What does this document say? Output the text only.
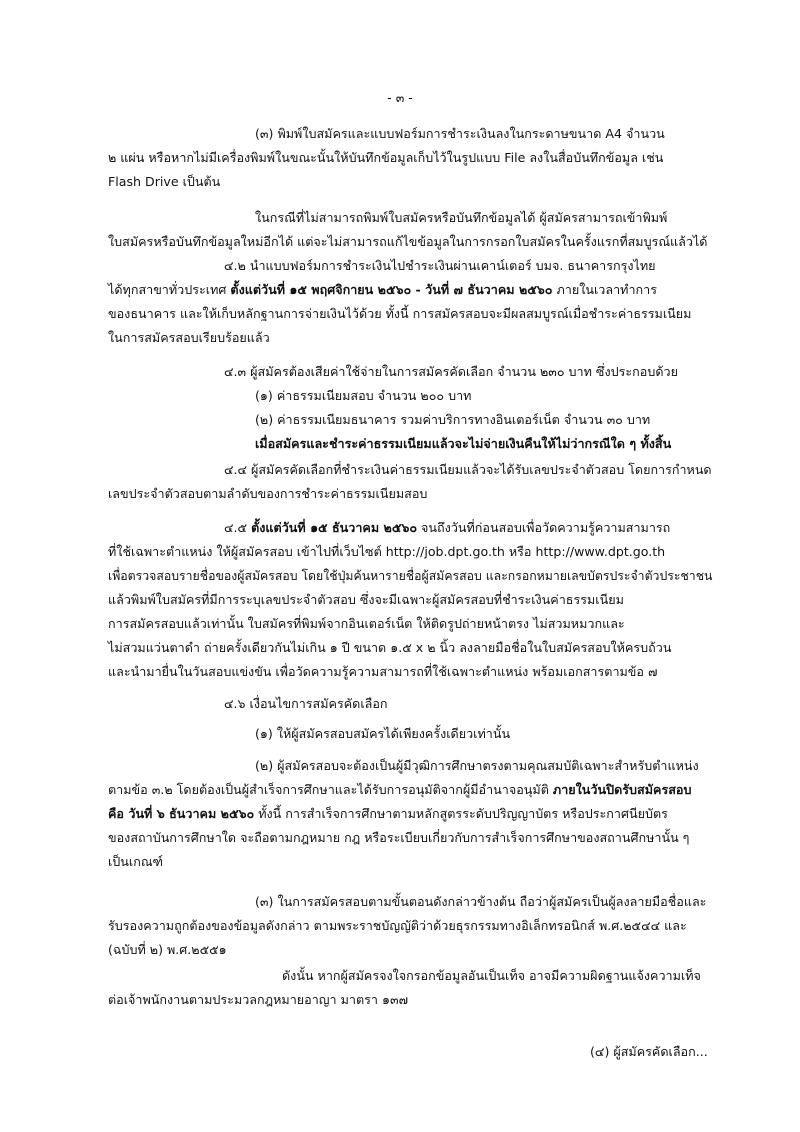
- ๓ -
(๓) พิมพ์ใบสมัครและแบบฟอร์มการชำระเงินลงในกระดาษขนาด A4 จำนวน
๒ แผ่น หรือหากไม่มีเครื่องพิมพ์ในขณะนั้นให้บันทึกข้อมูลเก็บไว้ในรูปแบบ File ลงในสื่อบันทึกข้อมูล เช่น
Flash Drive เป็นต้น
ในกรณีที่ไม่สามารถพิมพ์ใบสมัครหรือบันทึกข้อมูลได้ ผู้สมัครสามารถเข้าพิมพ์
ใบสมัครหรือบันทึกข้อมูลใหม่อีกได้ แต่จะไม่สามารถแก้ไขข้อมูลในการกรอกใบสมัครในครั้งแรกที่สมบูรณ์แล้วได้
๔.๒ นำแบบฟอร์มการชำระเงินไปชำระเงินผ่านเคาน์เตอร์ บมจ. ธนาคารกรุงไทย
ได้ทุกสาขาทั่วประเทศ ตั้งแต่วันที่ ๑๕ พฤศจิกายน ๒๕๖๐ - วันที่ ๗ ธันวาคม ๒๕๖๐ ภายในเวลาทำการ
ของธนาคาร และให้เก็บหลักฐานการจ่ายเงินไว้ด้วย ทั้งนี้ การสมัครสอบจะมีผลสมบูรณ์เมื่อชำระค่าธรรมเนียม
ในการสมัครสอบเรียบร้อยแล้ว
๔.๓ ผู้สมัครต้องเสียค่าใช้จ่ายในการสมัครคัดเลือก จำนวน ๒๓๐ บาท ซึ่งประกอบด้วย
(๑) ค่าธรรมเนียมสอบ จำนวน ๒๐๐ บาท
(๒) ค่าธรรมเนียมธนาคาร รวมค่าบริการทางอินเตอร์เน็ต จำนวน ๓๐ บาท
เมื่อสมัครและชำระค่าธรรมเนียมแล้วจะไม่จ่ายเงินคืนให้ไม่ว่ากรณีใด ๆ ทั้งสิ้น
๔.๔ ผู้สมัครคัดเลือกที่ชำระเงินค่าธรรมเนียมแล้วจะได้รับเลขประจำตัวสอบ โดยการกำหนด
เลขประจำตัวสอบตามลำดับของการชำระค่าธรรมเนียมสอบ
๔.๕ ตั้งแต่วันที่ ๑๕ ธันวาคม ๒๕๖๐ จนถึงวันที่ก่อนสอบเพื่อวัดความรู้ความสามารถ
ที่ใช้เฉพาะตำแหน่ง ให้ผู้สมัครสอบ เข้าไปที่เว็บไซต์ http://job.dpt.go.th หรือ http://www.dpt.go.th
เพื่อตรวจสอบรายชื่อของผู้สมัครสอบ โดยใช้ปุ่มค้นหารายชื่อผู้สมัครสอบ และกรอกหมายเลขบัตรประจำตัวประชาชน
แล้วพิมพ์ใบสมัครที่มีการระบุเลขประจำตัวสอบ ซึ่งจะมีเฉพาะผู้สมัครสอบที่ชำระเงินค่าธรรมเนียม
การสมัครสอบแล้วเท่านั้น ใบสมัครที่พิมพ์จากอินเตอร์เน็ต ให้ติดรูปถ่ายหน้าตรง ไม่สวมหมวกและ
ไม่สวมแว่นตาดำ ถ่ายครั้งเดียวกันไม่เกิน ๑ ปี ขนาด ๑.๕ x ๒ นิ้ว ลงลายมือชื่อในใบสมัครสอบให้ครบถ้วน
และนำมายื่นในวันสอบแข่งขัน เพื่อวัดความรู้ความสามารถที่ใช้เฉพาะตำแหน่ง พร้อมเอกสารตามข้อ ๗
๔.๖ เงื่อนไขการสมัครคัดเลือก
(๑) ให้ผู้สมัครสอบสมัครได้เพียงครั้งเดียวเท่านั้น
(๒) ผู้สมัครสอบจะต้องเป็นผู้มีวุฒิการศึกษาตรงตามคุณสมบัติเฉพาะสำหรับตำแหน่ง
ตามข้อ ๓.๒ โดยต้องเป็นผู้สำเร็จการศึกษาและได้รับการอนุมัติจากผู้มีอำนาจอนุมัติ ภายในวันปิดรับสมัครสอบ
คือ วันที่ ๖ ธันวาคม ๒๕๖๐ ทั้งนี้ การสำเร็จการศึกษาตามหลักสูตรระดับปริญญาบัตร หรือประกาศนียบัตร
ของสถาบันการศึกษาใด จะถือตามกฎหมาย กฎ หรือระเบียบเกี่ยวกับการสำเร็จการศึกษาของสถานศึกษานั้น ๆ
เป็นเกณฑ์
(๓) ในการสมัครสอบตามขั้นตอนดังกล่าวข้างต้น ถือว่าผู้สมัครเป็นผู้ลงลายมือชื่อและ
รับรองความถูกต้องของข้อมูลดังกล่าว ตามพระราชบัญญัติว่าด้วยธุรกรรมทางอิเล็กทรอนิกส์ พ.ศ.๒๕๔๔ และ
(ฉบับที่ ๒) พ.ศ.๒๕๕๑
ดังนั้น หากผู้สมัครจงใจกรอกข้อมูลอันเป็นเท็จ อาจมีความผิดฐานแจ้งความเท็จ
ต่อเจ้าพนักงานตามประมวลกฎหมายอาญา มาตรา ๑๓๗
(๔) ผู้สมัครคัดเลือก...
